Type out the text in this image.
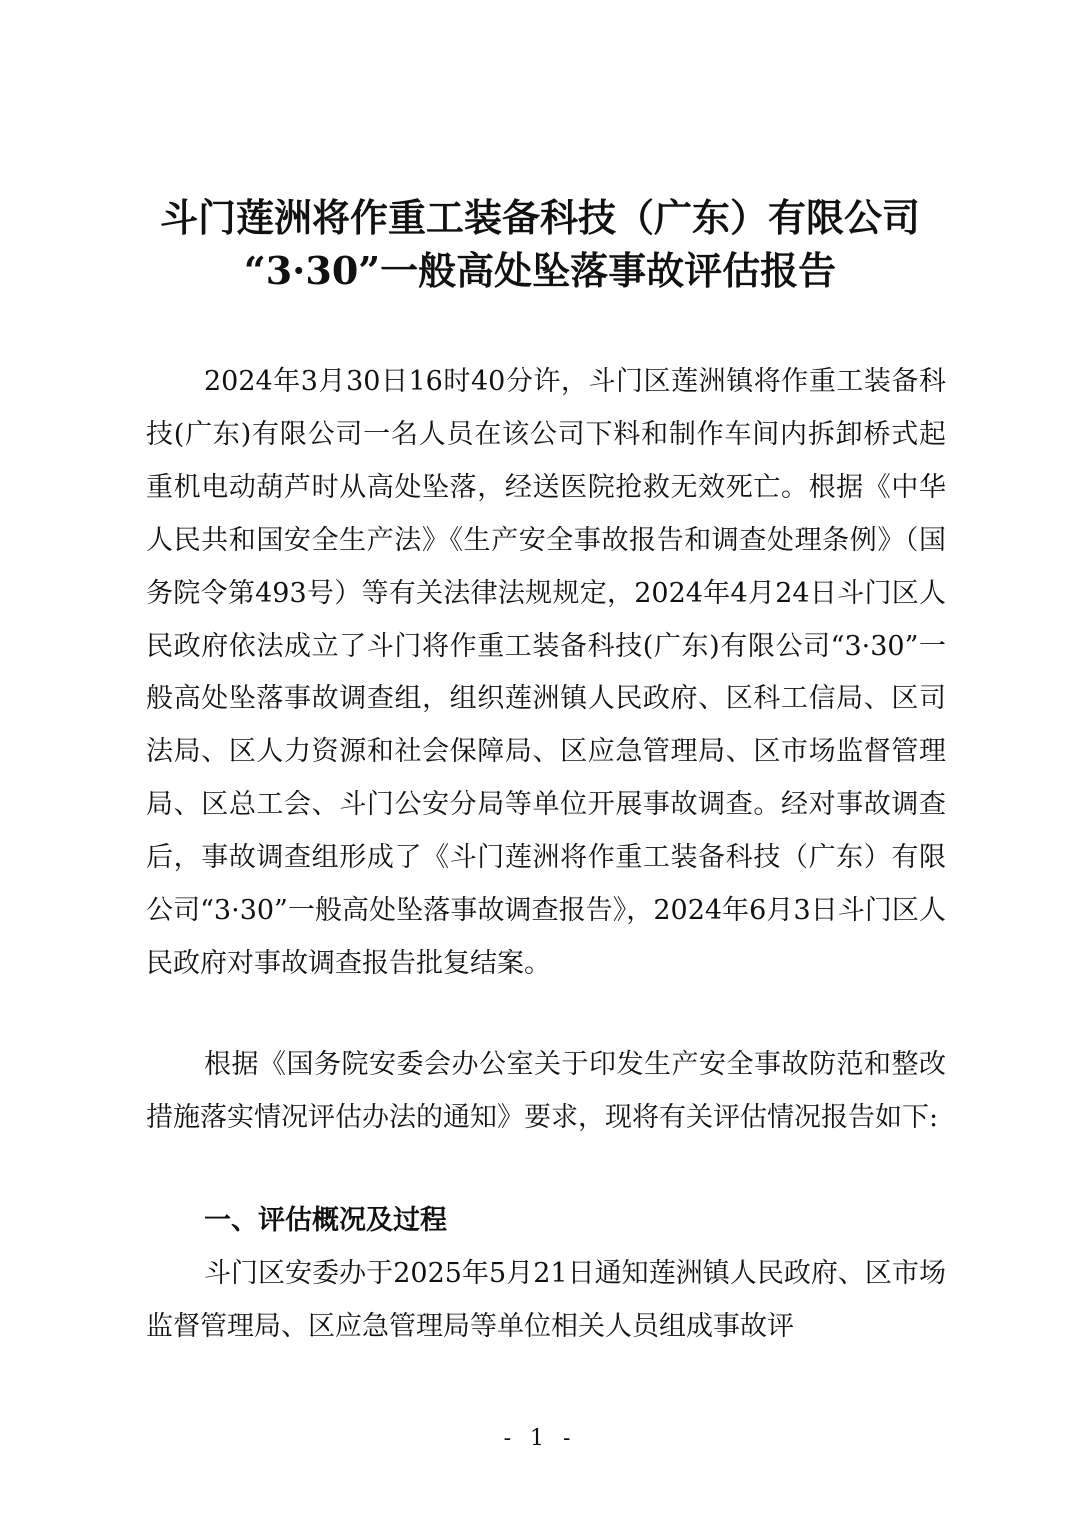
斗门莲洲将作重工装备科技（广东）有限公司
“3·30”一般高处坠落事故评估报告

2024年3月30日16时40分许，斗门区莲洲镇将作重工装备科技(广东)有限公司一名人员在该公司下料和制作车间内拆卸桥式起重机电动葫芦时从高处坠落，经送医院抢救无效死亡。根据《中华人民共和国安全生产法》《生产安全事故报告和调查处理条例》（国务院令第493号）等有关法律法规规定，2024年4月24日斗门区人民政府依法成立了斗门将作重工装备科技(广东)有限公司“3·30”一般高处坠落事故调查组，组织莲洲镇人民政府、区科工信局、区司法局、区人力资源和社会保障局、区应急管理局、区市场监督管理局、区总工会、斗门公安分局等单位开展事故调查。经对事故调查后，事故调查组形成了《斗门莲洲将作重工装备科技（广东）有限公司“3·30”一般高处坠落事故调查报告》，2024年6月3日斗门区人民政府对事故调查报告批复结案。

根据《国务院安委会办公室关于印发生产安全事故防范和整改措施落实情况评估办法的通知》要求，现将有关评估情况报告如下:

一、评估概况及过程

斗门区安委办于2025年5月21日通知莲洲镇人民政府、区市场监督管理局、区应急管理局等单位相关人员组成事故评

- 1 -
